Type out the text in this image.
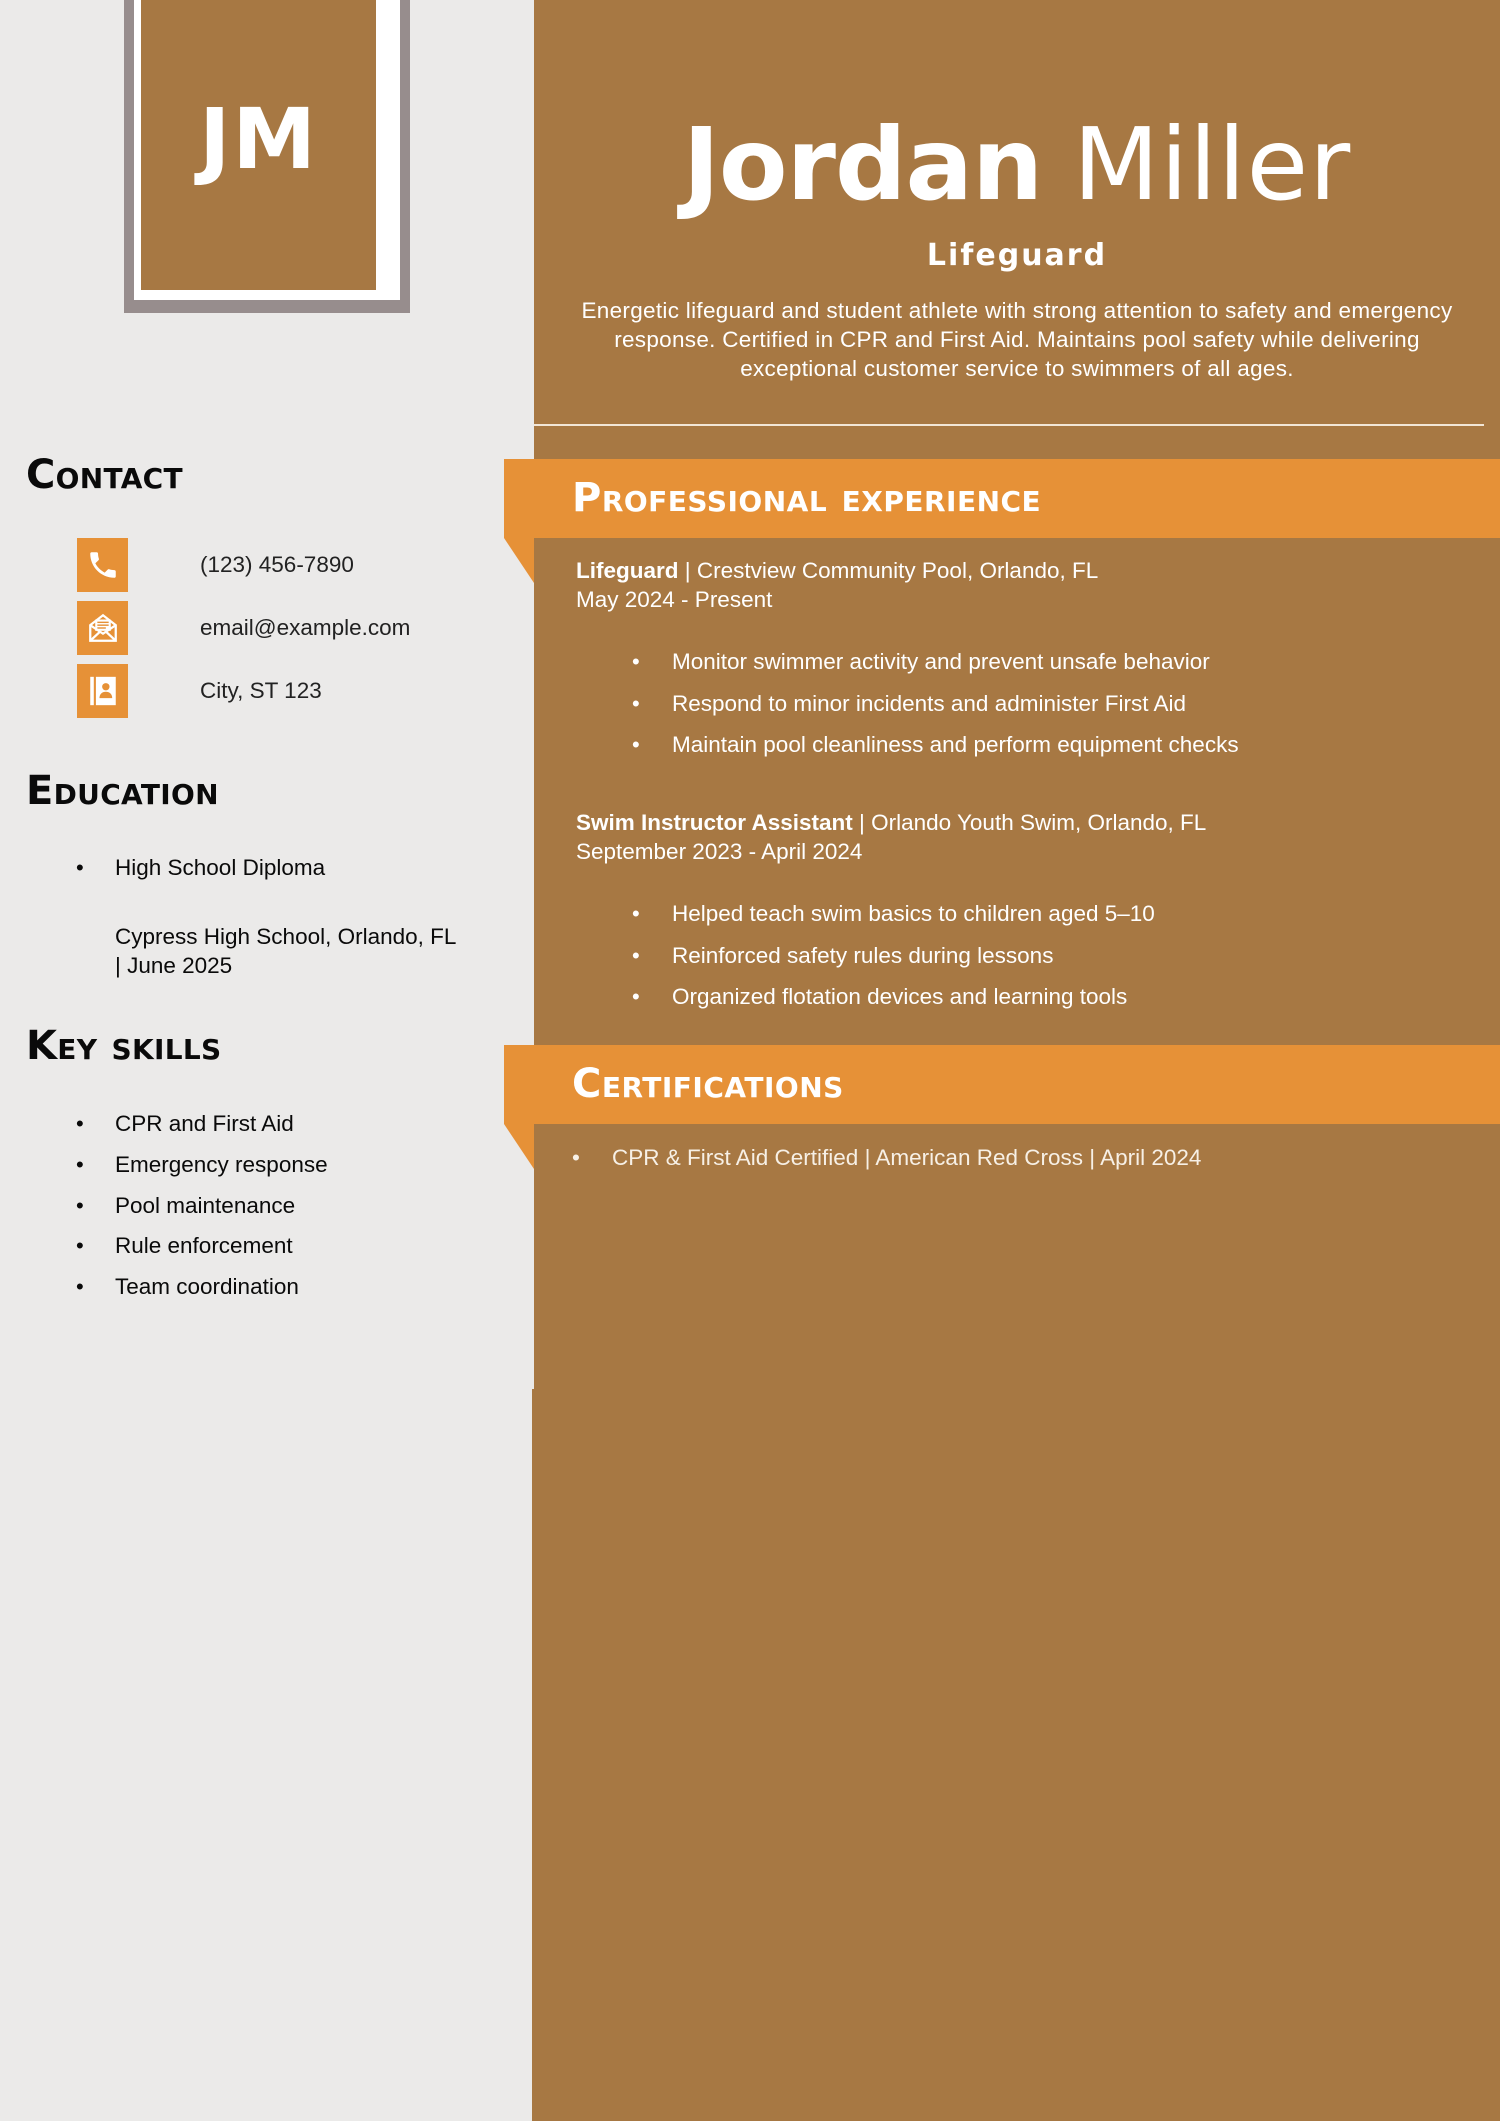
JM	Jordan Miller
Lifeguard
Energetic lifeguard and student athlete with strong attention to safety and emergency response. Certified in CPR and First Aid. Maintains pool safety while delivering exceptional customer service to swimmers of all ages.
Professional experience
Lifeguard | Crestview Community Pool, Orlando, FL
May 2024 - Present
• Monitor swimmer activity and prevent unsafe behavior
• Respond to minor incidents and administer First Aid
• Maintain pool cleanliness and perform equipment checks
Swim Instructor Assistant | Orlando Youth Swim, Orlando, FL
September 2023 - April 2024
• Helped teach swim basics to children aged 5–10
• Reinforced safety rules during lessons
• Organized flotation devices and learning tools
Certifications
• CPR & First Aid Certified | American Red Cross | April 2024
Contact
(123) 456-7890
email@example.com
City, ST 123
Education
• High School Diploma
Cypress High School, Orlando, FL
| June 2025
Key skills
• CPR and First Aid
• Emergency response
• Pool maintenance
• Rule enforcement
• Team coordination
